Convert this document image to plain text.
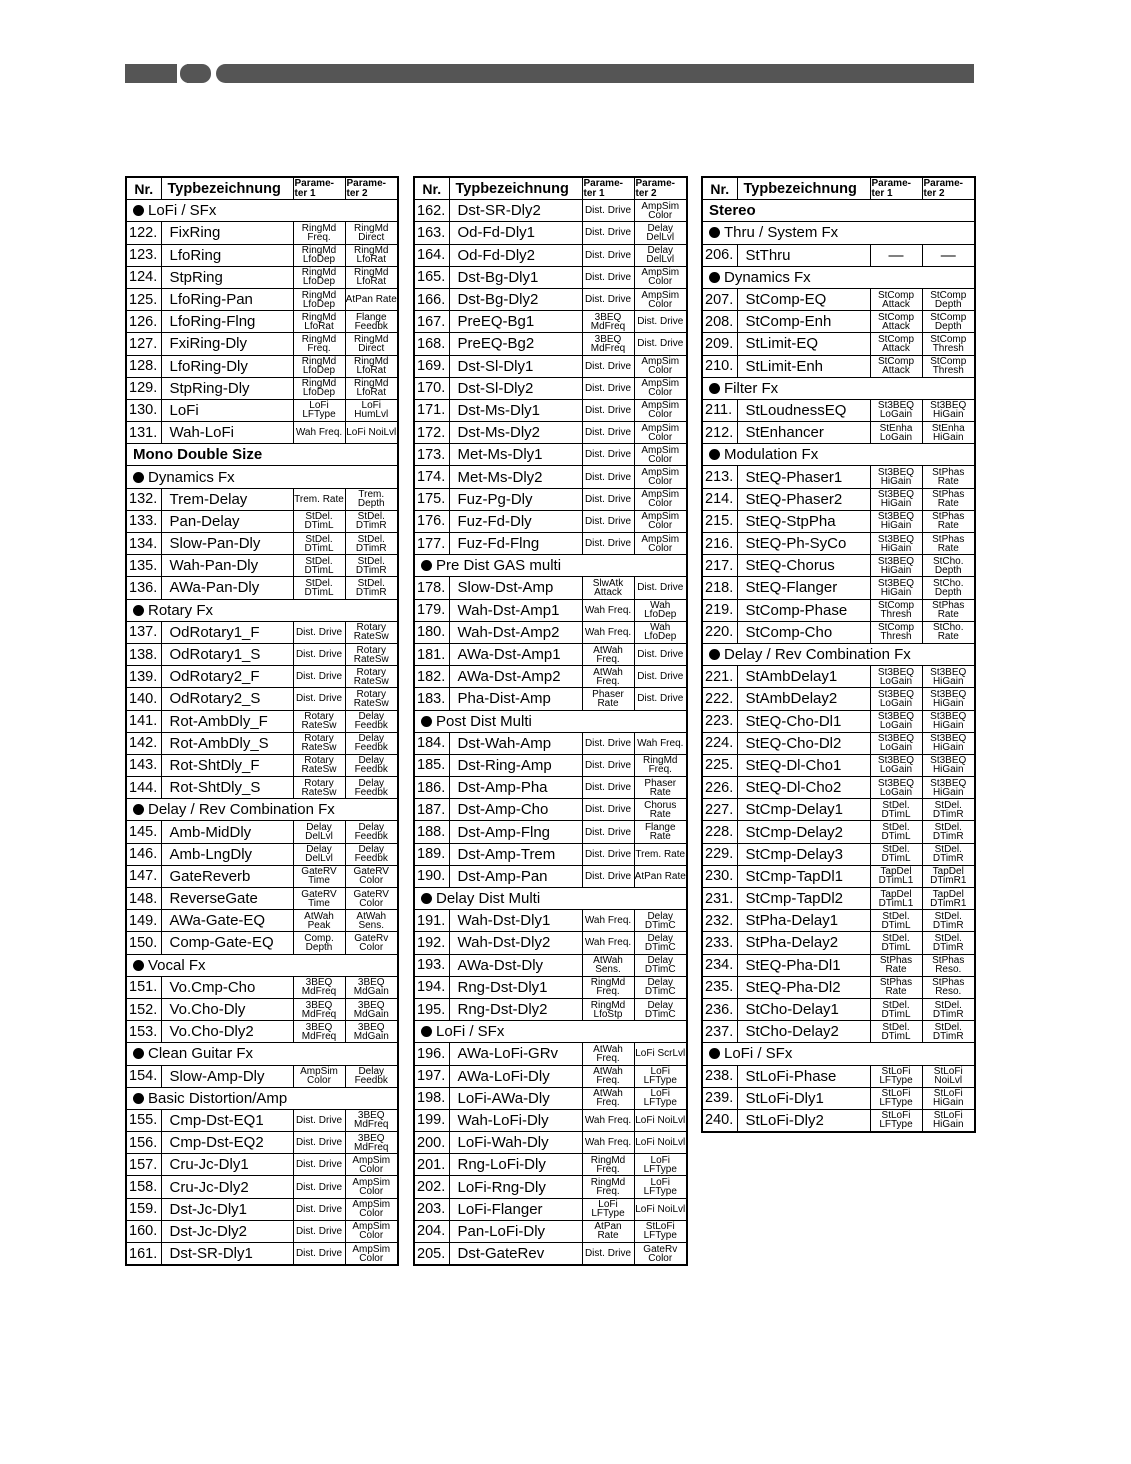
Nr.	Typbezeichnung	Parame-ter 1	Parame-ter 2
LoFi / SFx			
122.	FixRing	RingMd Freq.	RingMd Direct
123.	LfoRing	RingMd LfoDep	RingMd LfoRat
124.	StpRing	RingMd LfoDep	RingMd LfoRat
125.	LfoRing-Pan	RingMd LfoDep	AtPan Rate
126.	LfoRing-Flng	RingMd LfoRat	Flange Feedbk
127.	FxiRing-Dly	RingMd Freq.	RingMd Direct
128.	LfoRing-Dly	RingMd LfoDep	RingMd LfoRat
129.	StpRing-Dly	RingMd LfoDep	RingMd LfoRat
130.	LoFi	LoFi LFType	LoFi HumLvl
131.	Wah-LoFi	Wah Freq.	LoFi NoiLvl
Mono Double Size			
Dynamics Fx			
132.	Trem-Delay	Trem. Rate	Trem. Depth
133.	Pan-Delay	StDel. DTimL	StDel. DTimR
134.	Slow-Pan-Dly	StDel. DTimL	StDel. DTimR
135.	Wah-Pan-Dly	StDel. DTimL	StDel. DTimR
136.	AWa-Pan-Dly	StDel. DTimL	StDel. DTimR
Rotary Fx			
137.	OdRotary1_F	Dist. Drive	Rotary RateSw
138.	OdRotary1_S	Dist. Drive	Rotary RateSw
139.	OdRotary2_F	Dist. Drive	Rotary RateSw
140.	OdRotary2_S	Dist. Drive	Rotary RateSw
141.	Rot-AmbDly_F	Rotary RateSw	Delay Feedbk
142.	Rot-AmbDly_S	Rotary RateSw	Delay Feedbk
143.	Rot-ShtDly_F	Rotary RateSw	Delay Feedbk
144.	Rot-ShtDly_S	Rotary RateSw	Delay Feedbk
Delay / Rev Combination Fx			
145.	Amb-MidDly	Delay DelLvl	Delay Feedbk
146.	Amb-LngDly	Delay DelLvl	Delay Feedbk
147.	GateReverb	GateRV Time	GateRV Color
148.	ReverseGate	GateRV Time	GateRV Color
149.	AWa-Gate-EQ	AtWah Peak	AtWah Sens.
150.	Comp-Gate-EQ	Comp. Depth	GateRv Color
Vocal Fx			
151.	Vo.Cmp-Cho	3BEQ MdFreq	3BEQ MdGain
152.	Vo.Cho-Dly	3BEQ MdFreq	3BEQ MdGain
153.	Vo.Cho-Dly2	3BEQ MdFreq	3BEQ MdGain
Clean Guitar Fx			
154.	Slow-Amp-Dly	AmpSim Color	Delay Feedbk
Basic Distortion/Amp			
155.	Cmp-Dst-EQ1	Dist. Drive	3BEQ MdFreq
156.	Cmp-Dst-EQ2	Dist. Drive	3BEQ MdFreq
157.	Cru-Jc-Dly1	Dist. Drive	AmpSim Color
158.	Cru-Jc-Dly2	Dist. Drive	AmpSim Color
159.	Dst-Jc-Dly1	Dist. Drive	AmpSim Color
160.	Dst-Jc-Dly2	Dist. Drive	AmpSim Color
161.	Dst-SR-Dly1	Dist. Drive	AmpSim Color
Nr.	Typbezeichnung	Parame-ter 1	Parame-ter 2
162.	Dst-SR-Dly2	Dist. Drive	AmpSim Color
163.	Od-Fd-Dly1	Dist. Drive	Delay DelLvl
164.	Od-Fd-Dly2	Dist. Drive	Delay DelLvl
165.	Dst-Bg-Dly1	Dist. Drive	AmpSim Color
166.	Dst-Bg-Dly2	Dist. Drive	AmpSim Color
167.	PreEQ-Bg1	3BEQ MdFreq	Dist. Drive
168.	PreEQ-Bg2	3BEQ MdFreq	Dist. Drive
169.	Dst-Sl-Dly1	Dist. Drive	AmpSim Color
170.	Dst-Sl-Dly2	Dist. Drive	AmpSim Color
171.	Dst-Ms-Dly1	Dist. Drive	AmpSim Color
172.	Dst-Ms-Dly2	Dist. Drive	AmpSim Color
173.	Met-Ms-Dly1	Dist. Drive	AmpSim Color
174.	Met-Ms-Dly2	Dist. Drive	AmpSim Color
175.	Fuz-Pg-Dly	Dist. Drive	AmpSim Color
176.	Fuz-Fd-Dly	Dist. Drive	AmpSim Color
177.	Fuz-Fd-Flng	Dist. Drive	AmpSim Color
Pre Dist GAS multi			
178.	Slow-Dst-Amp	SlwAtk Attack	Dist. Drive
179.	Wah-Dst-Amp1	Wah Freq.	Wah LfoDep
180.	Wah-Dst-Amp2	Wah Freq.	Wah LfoDep
181.	AWa-Dst-Amp1	AtWah Freq.	Dist. Drive
182.	AWa-Dst-Amp2	AtWah Freq.	Dist. Drive
183.	Pha-Dist-Amp	Phaser Rate	Dist. Drive
Post Dist Multi			
184.	Dst-Wah-Amp	Dist. Drive	Wah Freq.
185.	Dst-Ring-Amp	Dist. Drive	RingMd Freq.
186.	Dst-Amp-Pha	Dist. Drive	Phaser Rate
187.	Dst-Amp-Cho	Dist. Drive	Chorus Rate
188.	Dst-Amp-Flng	Dist. Drive	Flange Rate
189.	Dst-Amp-Trem	Dist. Drive	Trem. Rate
190.	Dst-Amp-Pan	Dist. Drive	AtPan Rate
Delay Dist Multi			
191.	Wah-Dst-Dly1	Wah Freq.	Delay DTimC
192.	Wah-Dst-Dly2	Wah Freq.	Delay DTimC
193.	AWa-Dst-Dly	AtWah Sens.	Delay DTimC
194.	Rng-Dst-Dly1	RingMd Freq.	Delay DTimC
195.	Rng-Dst-Dly2	RingMd LfoStp	Delay DTimC
LoFi / SFx			
196.	AWa-LoFi-GRv	AtWah Freq.	LoFi ScrLvl
197.	AWa-LoFi-Dly	AtWah Freq.	LoFi LFType
198.	LoFi-AWa-Dly	AtWah Freq.	LoFi LFType
199.	Wah-LoFi-Dly	Wah Freq.	LoFi NoiLvl
200.	LoFi-Wah-Dly	Wah Freq.	LoFi NoiLvl
201.	Rng-LoFi-Dly	RingMd Freq.	LoFi LFType
202.	LoFi-Rng-Dly	RingMd Freq.	LoFi LFType
203.	LoFi-Flanger	LoFi LFType	LoFi NoiLvl
204.	Pan-LoFi-Dly	AtPan Rate	StLoFi LFType
205.	Dst-GateRev	Dist. Drive	GateRv Color
Nr.	Typbezeichnung	Parame-ter 1	Parame-ter 2
Stereo			
Thru / System Fx			
206.	StThru	—	—
Dynamics Fx			
207.	StComp-EQ	StComp Attack	StComp Depth
208.	StComp-Enh	StComp Attack	StComp Depth
209.	StLimit-EQ	StComp Attack	StComp Thresh
210.	StLimit-Enh	StComp Attack	StComp Thresh
Filter Fx			
211.	StLoudnessEQ	St3BEQ LoGain	St3BEQ HiGain
212.	StEnhancer	StEnha LoGain	StEnha HiGain
Modulation Fx			
213.	StEQ-Phaser1	St3BEQ HiGain	StPhas Rate
214.	StEQ-Phaser2	St3BEQ HiGain	StPhas Rate
215.	StEQ-StpPha	St3BEQ HiGain	StPhas Rate
216.	StEQ-Ph-SyCo	St3BEQ HiGain	StPhas Rate
217.	StEQ-Chorus	St3BEQ HiGain	StCho. Depth
218.	StEQ-Flanger	St3BEQ HiGain	StCho. Depth
219.	StComp-Phase	StComp Thresh	StPhas Rate
220.	StComp-Cho	StComp Thresh	StCho. Rate
Delay / Rev Combination Fx			
221.	StAmbDelay1	St3BEQ LoGain	St3BEQ HiGain
222.	StAmbDelay2	St3BEQ LoGain	St3BEQ HiGain
223.	StEQ-Cho-Dl1	St3BEQ LoGain	St3BEQ HiGain
224.	StEQ-Cho-Dl2	St3BEQ LoGain	St3BEQ HiGain
225.	StEQ-Dl-Cho1	St3BEQ LoGain	St3BEQ HiGain
226.	StEQ-Dl-Cho2	St3BEQ LoGain	St3BEQ HiGain
227.	StCmp-Delay1	StDel. DTimL	StDel. DTimR
228.	StCmp-Delay2	StDel. DTimL	StDel. DTimR
229.	StCmp-Delay3	StDel. DTimL	StDel. DTimR
230.	StCmp-TapDl1	TapDel DTimL1	TapDel DTimR1
231.	StCmp-TapDl2	TapDel DTimL1	TapDel DTimR1
232.	StPha-Delay1	StDel. DTimL	StDel. DTimR
233.	StPha-Delay2	StDel. DTimL	StDel. DTimR
234.	StEQ-Pha-Dl1	StPhas Rate	StPhas Reso.
235.	StEQ-Pha-Dl2	StPhas Rate	StPhas Reso.
236.	StCho-Delay1	StDel. DTimL	StDel. DTimR
237.	StCho-Delay2	StDel. DTimL	StDel. DTimR
LoFi / SFx			
238.	StLoFi-Phase	StLoFi LFType	StLoFi NoiLvl
239.	StLoFi-Dly1	StLoFi LFType	StLoFi HiGain
240.	StLoFi-Dly2	StLoFi LFType	StLoFi HiGain
